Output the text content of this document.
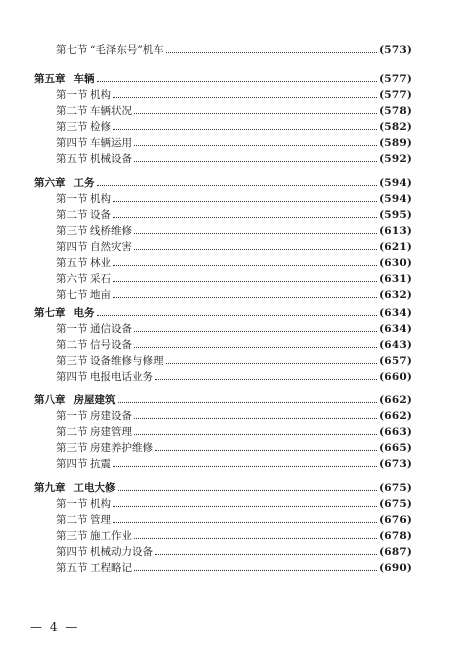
第七节 “毛泽东号”机车	(573)
第五章 车辆	(577)
第一节 机构	(577)
第二节 车辆状况	(578)
第三节 检修	(582)
第四节 车辆运用	(589)
第五节 机械设备	(592)
第六章 工务	(594)
第一节 机构	(594)
第二节 设备	(595)
第三节 线桥维修	(613)
第四节 自然灾害	(621)
第五节 林业	(630)
第六节 采石	(631)
第七节 地亩	(632)
第七章 电务	(634)
第一节 通信设备	(634)
第二节 信号设备	(643)
第三节 设备维修与修理	(657)
第四节 电报电话业务	(660)
第八章 房屋建筑	(662)
第一节 房建设备	(662)
第二节 房建管理	(663)
第三节 房建养护维修	(665)
第四节 抗震	(673)
第九章 工电大修	(675)
第一节 机构	(675)
第二节 管理	(676)
第三节 施工作业	(678)
第四节 机械动力设备	(687)
第五节 工程略记	(690)
— 4 —
